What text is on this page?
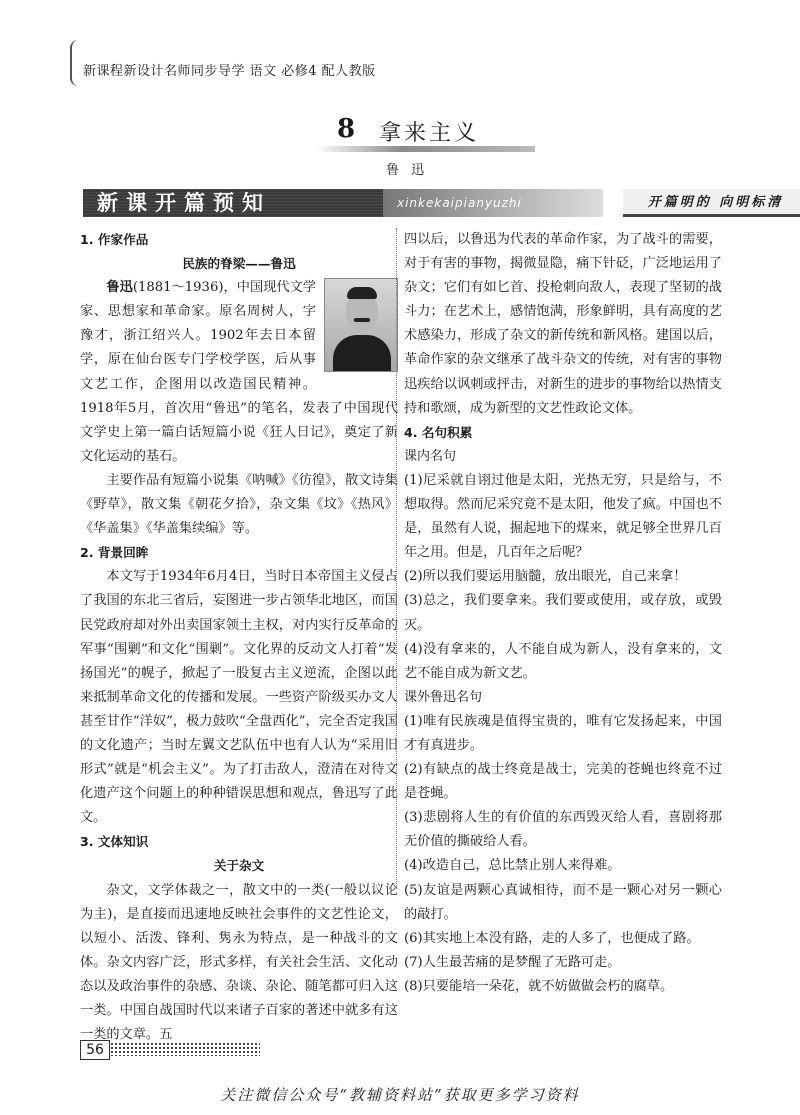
新课程新设计名师同步导学 语文 必修4 配人教版
8 拿来主义
鲁 迅
新课开篇预知	xinkekaipianyuzhi	开篇明的 向明标清

1. 作家作品

民族的脊梁——鲁迅

鲁迅(1881～1936)，中国现代文学家、思想家和革命家。原名周树人，字豫才，浙江绍兴人。1902年去日本留学，原在仙台医专门学校学医，后从事文艺工作，企图用以改造国民精神。1918年5月，首次用“鲁迅”的笔名，发表了中国现代文学史上第一篇白话短篇小说《狂人日记》，奠定了新文化运动的基石。

主要作品有短篇小说集《呐喊》《彷徨》，散文诗集《野草》，散文集《朝花夕拾》，杂文集《坟》《热风》《华盖集》《华盖集续编》等。

2. 背景回眸

本文写于1934年6月4日，当时日本帝国主义侵占了我国的东北三省后，妄图进一步占领华北地区，而国民党政府却对外出卖国家领土主权，对内实行反革命的军事“围剿”和文化“围剿”。文化界的反动文人打着“发扬国光”的幌子，掀起了一股复古主义逆流，企图以此来抵制革命文化的传播和发展。一些资产阶级买办文人甚至甘作“洋奴”，极力鼓吹“全盘西化”，完全否定我国的文化遗产；当时左翼文艺队伍中也有人认为“采用旧形式”就是“机会主义”。为了打击敌人，澄清在对待文化遗产这个问题上的种种错误思想和观点，鲁迅写了此文。

3. 文体知识

关于杂文

杂文，文学体裁之一，散文中的一类(一般以议论为主)，是直接而迅速地反映社会事件的文艺性论文，以短小、活泼、锋利、隽永为特点，是一种战斗的文体。杂文内容广泛，形式多样，有关社会生活、文化动态以及政治事件的杂感、杂谈、杂论、随笔都可归入这一类。中国自战国时代以来诸子百家的著述中就多有这一类的文章。五

四以后，以鲁迅为代表的革命作家，为了战斗的需要，对于有害的事物，揭微显隐，痛下针砭，广泛地运用了杂文；它们有如匕首、投枪刺向敌人，表现了坚韧的战斗力；在艺术上，感情饱满，形象鲜明，具有高度的艺术感染力，形成了杂文的新传统和新风格。建国以后，革命作家的杂文继承了战斗杂文的传统，对有害的事物迅疾给以讽刺或抨击，对新生的进步的事物给以热情支持和歌颂，成为新型的文艺性政论文体。

4. 名句积累

课内名句

(1)尼采就自诩过他是太阳，光热无穷，只是给与，不想取得。然而尼采究竟不是太阳，他发了疯。中国也不是，虽然有人说，掘起地下的煤来，就足够全世界几百年之用。但是，几百年之后呢？

(2)所以我们要运用脑髓，放出眼光，自己来拿！

(3)总之，我们要拿来。我们要或使用，或存放，或毁灭。

(4)没有拿来的，人不能自成为新人，没有拿来的，文艺不能自成为新文艺。

课外鲁迅名句

(1)唯有民族魂是值得宝贵的，唯有它发扬起来，中国才有真进步。

(2)有缺点的战士终竟是战士，完美的苍蝇也终竟不过是苍蝇。

(3)悲剧将人生的有价值的东西毁灭给人看，喜剧将那无价值的撕破给人看。

(4)改造自己，总比禁止别人来得难。

(5)友谊是两颗心真诚相待，而不是一颗心对另一颗心的敲打。

(6)其实地上本没有路，走的人多了，也便成了路。

(7)人生最苦痛的是梦醒了无路可走。

(8)只要能培一朵花，就不妨做做会朽的腐草。

56
关注微信公众号“教辅资料站”获取更多学习资料
